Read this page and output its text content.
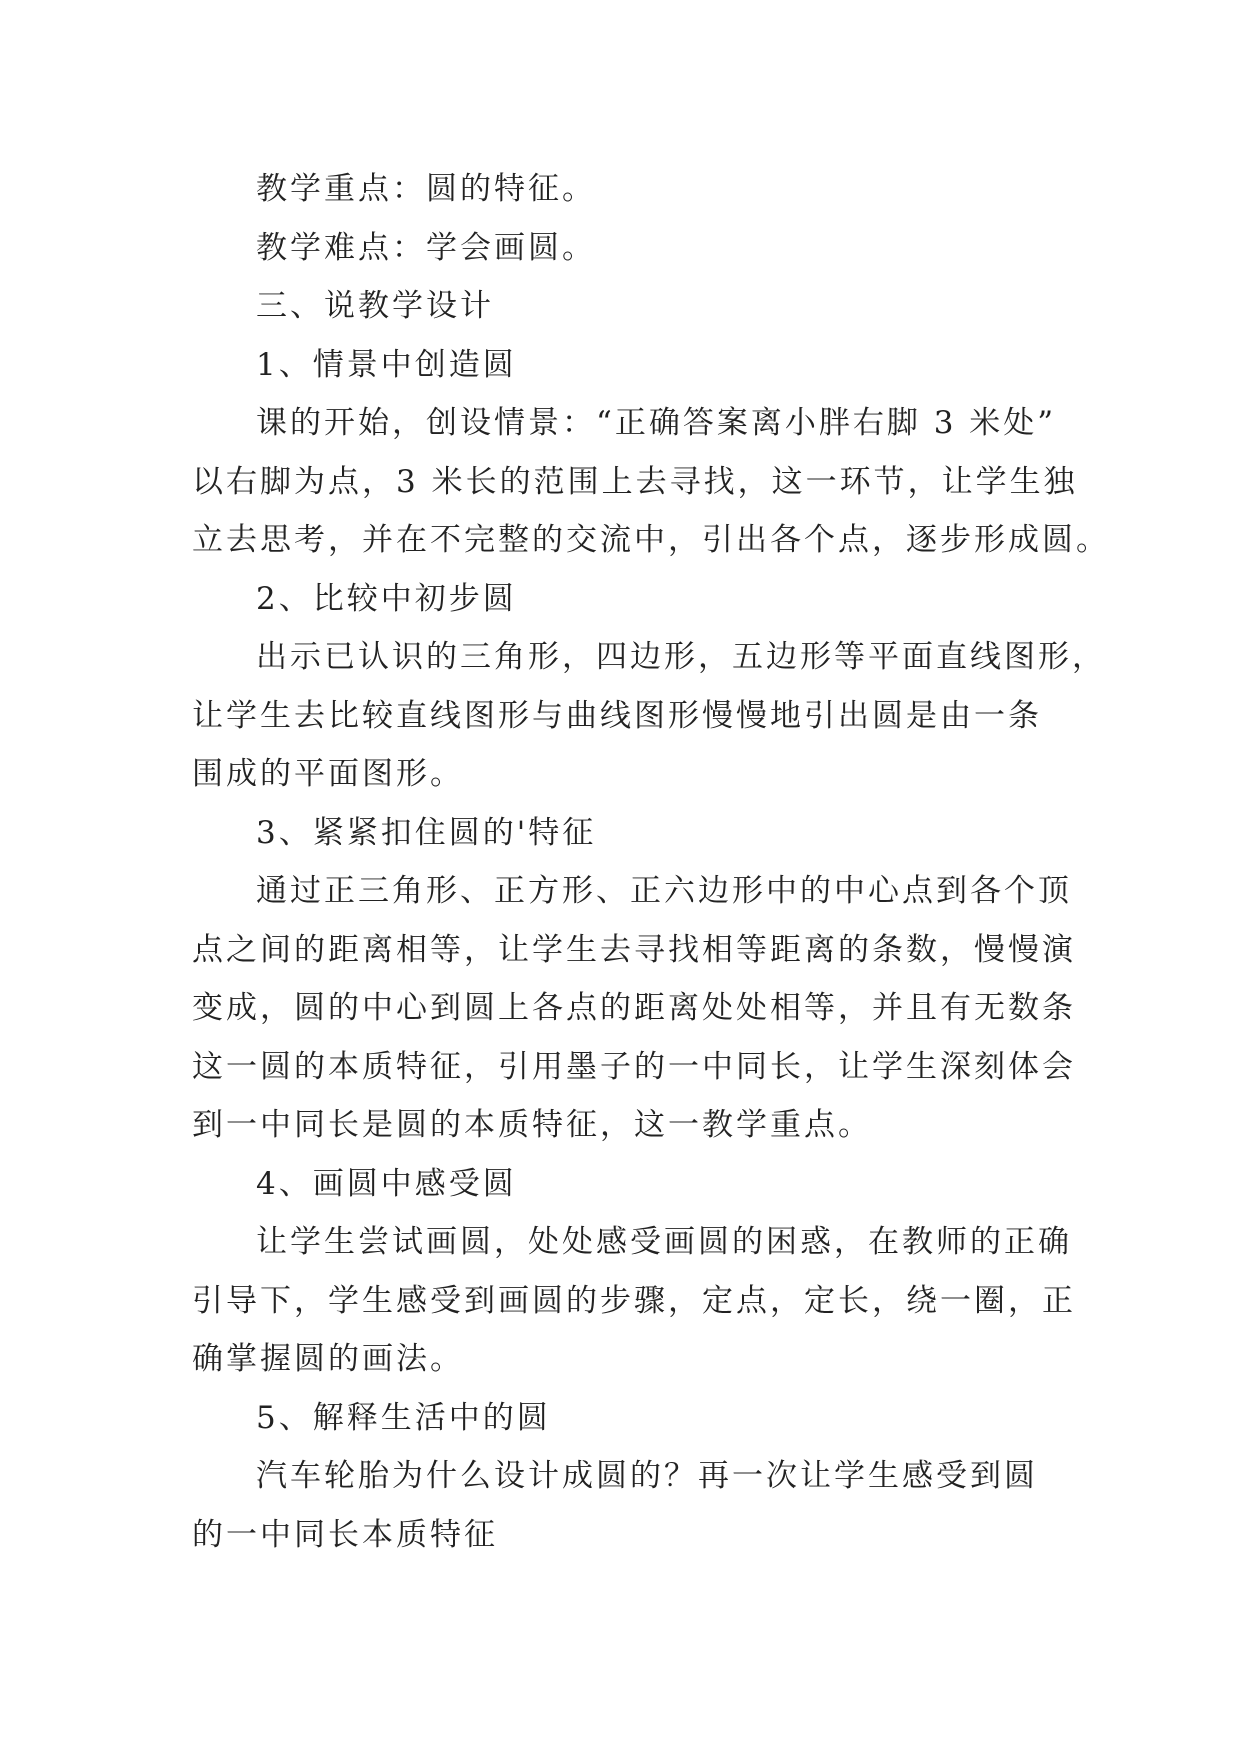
教学重点：圆的特征。

教学难点：学会画圆。

三、说教学设计

1、情景中创造圆

课的开始，创设情景：“正确答案离小胖右脚 3 米处”

以右脚为点，3 米长的范围上去寻找，这一环节，让学生独

立去思考，并在不完整的交流中，引出各个点，逐步形成圆。

2、比较中初步圆

出示已认识的三角形，四边形，五边形等平面直线图形，

让学生去比较直线图形与曲线图形慢慢地引出圆是由一条

围成的平面图形。

3、紧紧扣住圆的'特征

通过正三角形、正方形、正六边形中的中心点到各个顶

点之间的距离相等，让学生去寻找相等距离的条数，慢慢演

变成，圆的中心到圆上各点的距离处处相等，并且有无数条

这一圆的本质特征，引用墨子的一中同长，让学生深刻体会

到一中同长是圆的本质特征，这一教学重点。

4、画圆中感受圆

让学生尝试画圆，处处感受画圆的困惑，在教师的正确

引导下，学生感受到画圆的步骤，定点，定长，绕一圈，正

确掌握圆的画法。

5、解释生活中的圆

汽车轮胎为什么设计成圆的？再一次让学生感受到圆

的一中同长本质特征
